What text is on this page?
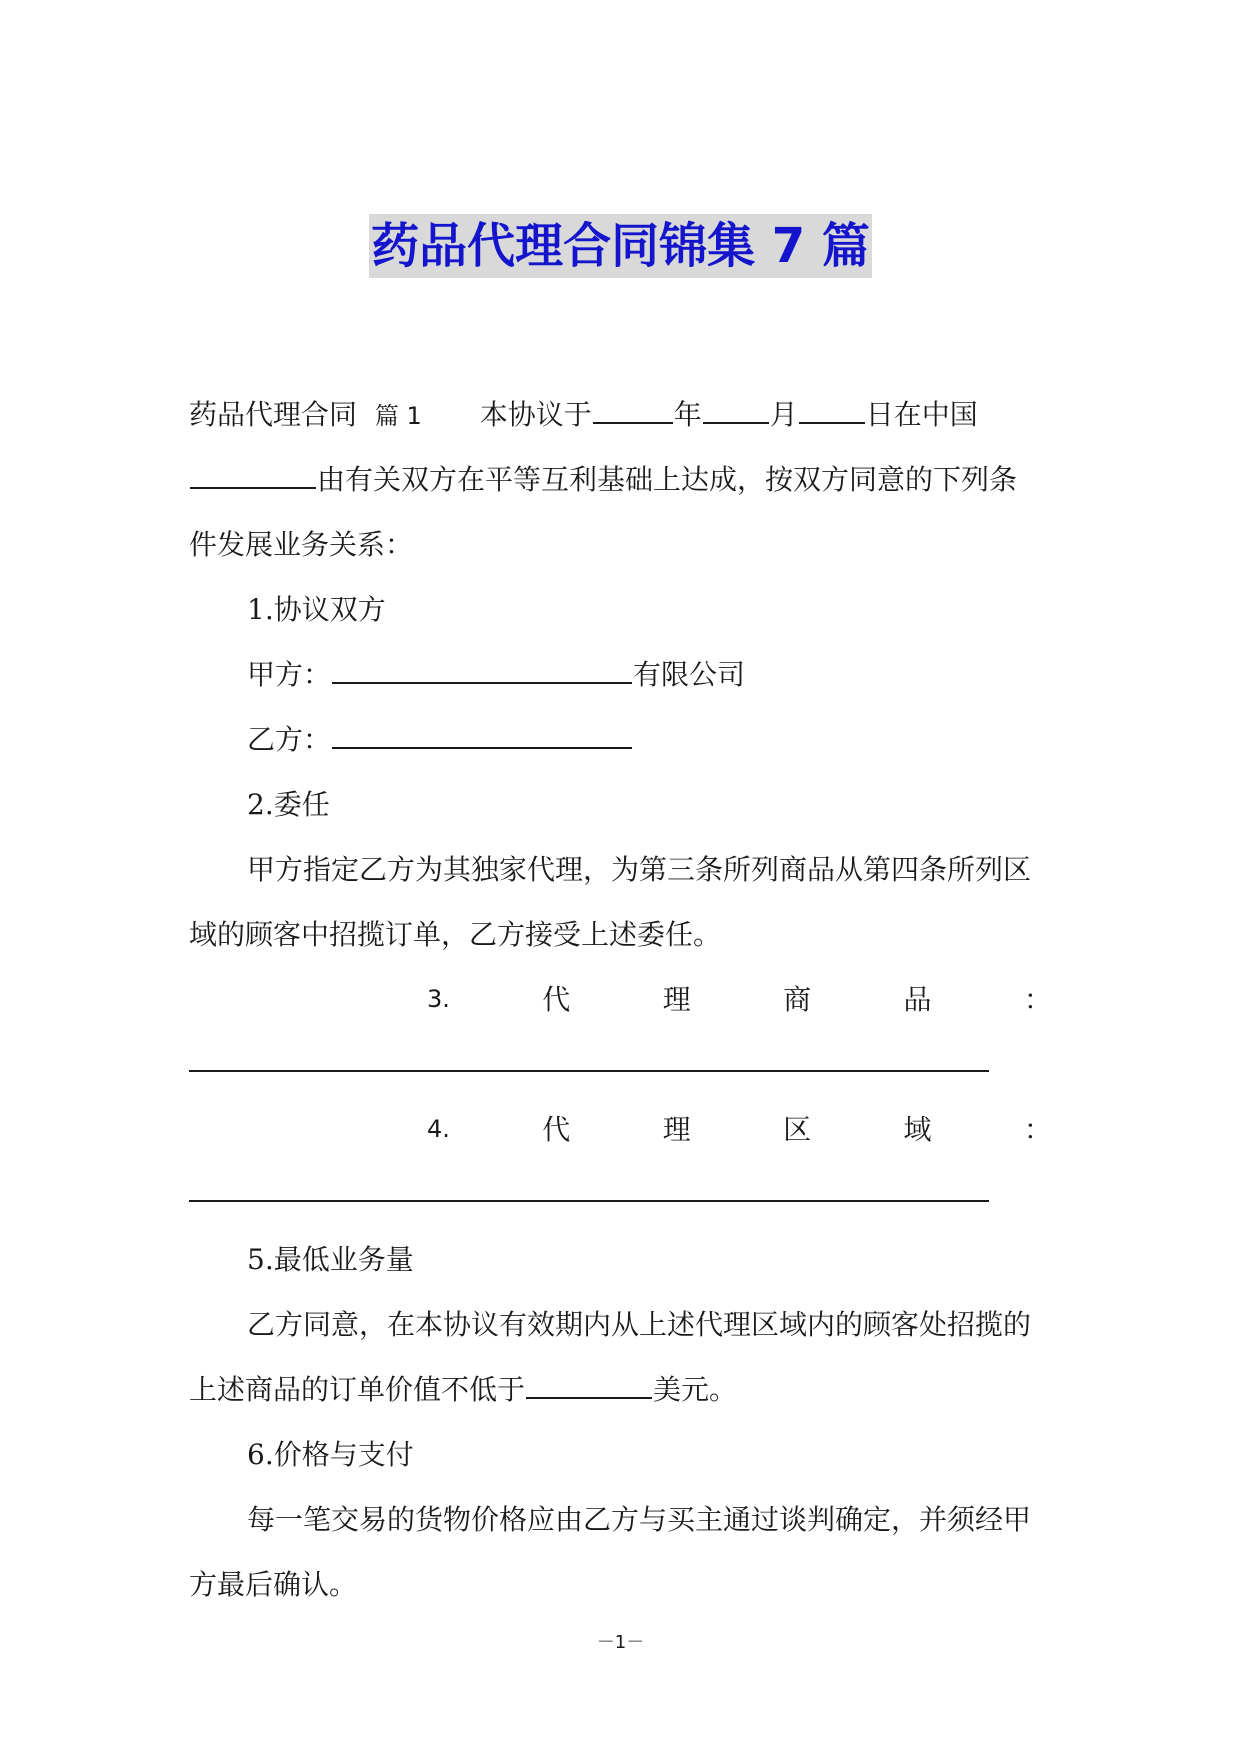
药品代理合同锦集 7 篇
药品代理合同 篇 1 本协议于	年 月 日在中国
由有关双方在平等互利基础上达成，按双方同意的下列条
件发展业务关系：
1.协议双方
甲方：	有限公司
乙方：
2.委任
甲方指定乙方为其独家代理，为第三条所列商品从第四条所列区
域的顾客中招揽订单，乙方接受上述委任。
3.	代	理	商	品	：
4.	代	理	区	域	：
5.最低业务量
乙方同意，在本协议有效期内从上述代理区域内的顾客处招揽的
上述商品的订单价值不低于	美元。
6.价格与支付
每一笔交易的货物价格应由乙方与买主通过谈判确定，并须经甲
方最后确认。
－1－
